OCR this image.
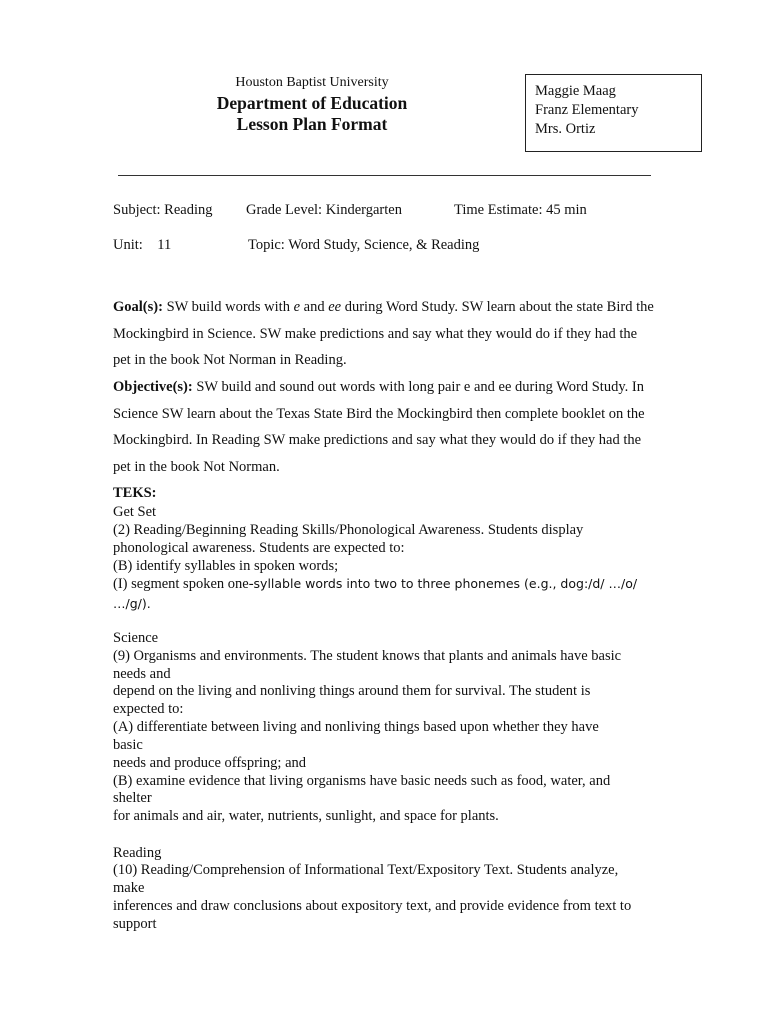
Houston Baptist University
Department of Education
Lesson Plan Format
Maggie Maag
Franz Elementary
Mrs. Ortiz
Subject: Reading Grade Level: Kindergarten	Time Estimate: 45 min
Unit:    11	Topic: Word Study, Science, & Reading

Goal(s): SW build words with e and ee during Word Study. SW learn about the state Bird the Mockingbird in Science. SW make predictions and say what they would do if they had the pet in the book Not Norman in Reading.

Objective(s): SW build and sound out words with long pair e and ee during Word Study. In Science SW learn about the Texas State Bird the Mockingbird then complete booklet on the Mockingbird. In Reading SW make predictions and say what they would do if they had the pet in the book Not Norman.

TEKS:
Get Set
(2) Reading/Beginning Reading Skills/Phonological Awareness. Students display
phonological awareness. Students are expected to:
(B) identify syllables in spoken words;
(I) segment spoken one-syllable words into two to three phonemes (e.g., dog:/d/ …/o/
…/g/).
Science
(9) Organisms and environments. The student knows that plants and animals have basic
needs and
depend on the living and nonliving things around them for survival. The student is
expected to:
(A) differentiate between living and nonliving things based upon whether they have
basic
needs and produce offspring; and
(B) examine evidence that living organisms have basic needs such as food, water, and
shelter
for animals and air, water, nutrients, sunlight, and space for plants.
Reading
(10) Reading/Comprehension of Informational Text/Expository Text. Students analyze,
make
inferences and draw conclusions about expository text, and provide evidence from text to
support
